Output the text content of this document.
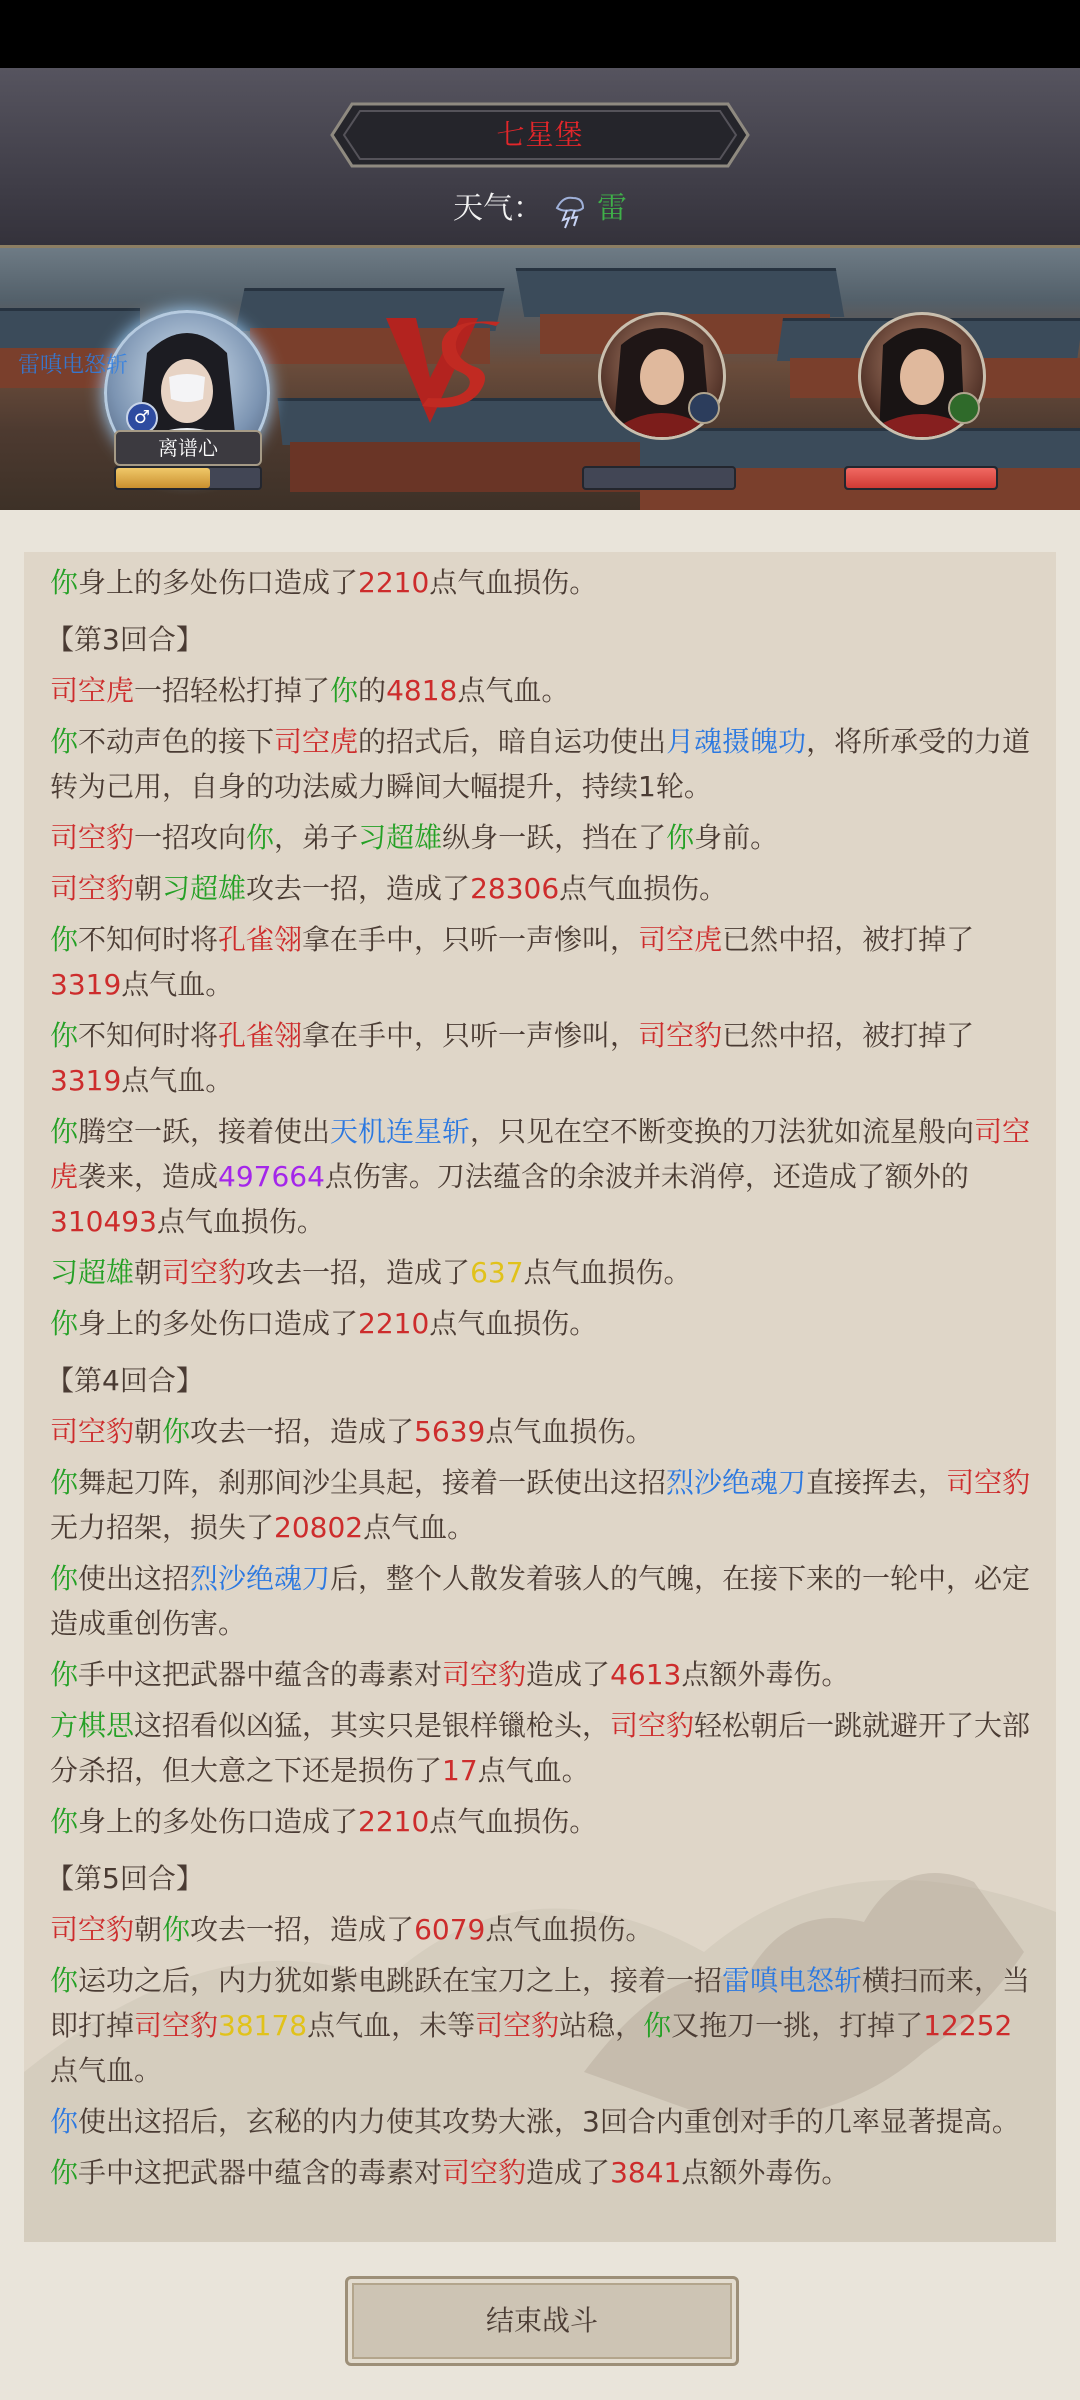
七星堡
天气： 雷
♂
雷嗔电怒斩
离谱心
你身上的多处伤口造成了2210点气血损伤。
【第3回合】
司空虎一招轻松打掉了你的4818点气血。
你不动声色的接下司空虎的招式后，暗自运功使出月魂摄魄功，将所承受的力道转为己用，自身的功法威力瞬间大幅提升，持续1轮。
司空豹一招攻向你，弟子习超雄纵身一跃，挡在了你身前。
司空豹朝习超雄攻去一招，造成了28306点气血损伤。
你不知何时将孔雀翎拿在手中，只听一声惨叫，司空虎已然中招，被打掉了3319点气血。
你不知何时将孔雀翎拿在手中，只听一声惨叫，司空豹已然中招，被打掉了3319点气血。
你腾空一跃，接着使出天机连星斩，只见在空不断变换的刀法犹如流星般向司空虎袭来，造成497664点伤害。刀法蕴含的余波并未消停，还造成了额外的310493点气血损伤。
习超雄朝司空豹攻去一招，造成了637点气血损伤。
你身上的多处伤口造成了2210点气血损伤。
【第4回合】
司空豹朝你攻去一招，造成了5639点气血损伤。
你舞起刀阵，刹那间沙尘具起，接着一跃使出这招烈沙绝魂刀直接挥去，司空豹无力招架，损失了20802点气血。
你使出这招烈沙绝魂刀后，整个人散发着骇人的气魄，在接下来的一轮中，必定造成重创伤害。
你手中这把武器中蕴含的毒素对司空豹造成了4613点额外毒伤。
方棋思这招看似凶猛，其实只是银样镴枪头，司空豹轻松朝后一跳就避开了大部分杀招，但大意之下还是损伤了17点气血。
你身上的多处伤口造成了2210点气血损伤。
【第5回合】
司空豹朝你攻去一招，造成了6079点气血损伤。
你运功之后，内力犹如紫电跳跃在宝刀之上，接着一招雷嗔电怒斩横扫而来，当即打掉司空豹38178点气血，未等司空豹站稳，你又拖刀一挑，打掉了12252点气血。
你使出这招后，玄秘的内力使其攻势大涨，3回合内重创对手的几率显著提高。
你手中这把武器中蕴含的毒素对司空豹造成了3841点额外毒伤。
结束战斗
